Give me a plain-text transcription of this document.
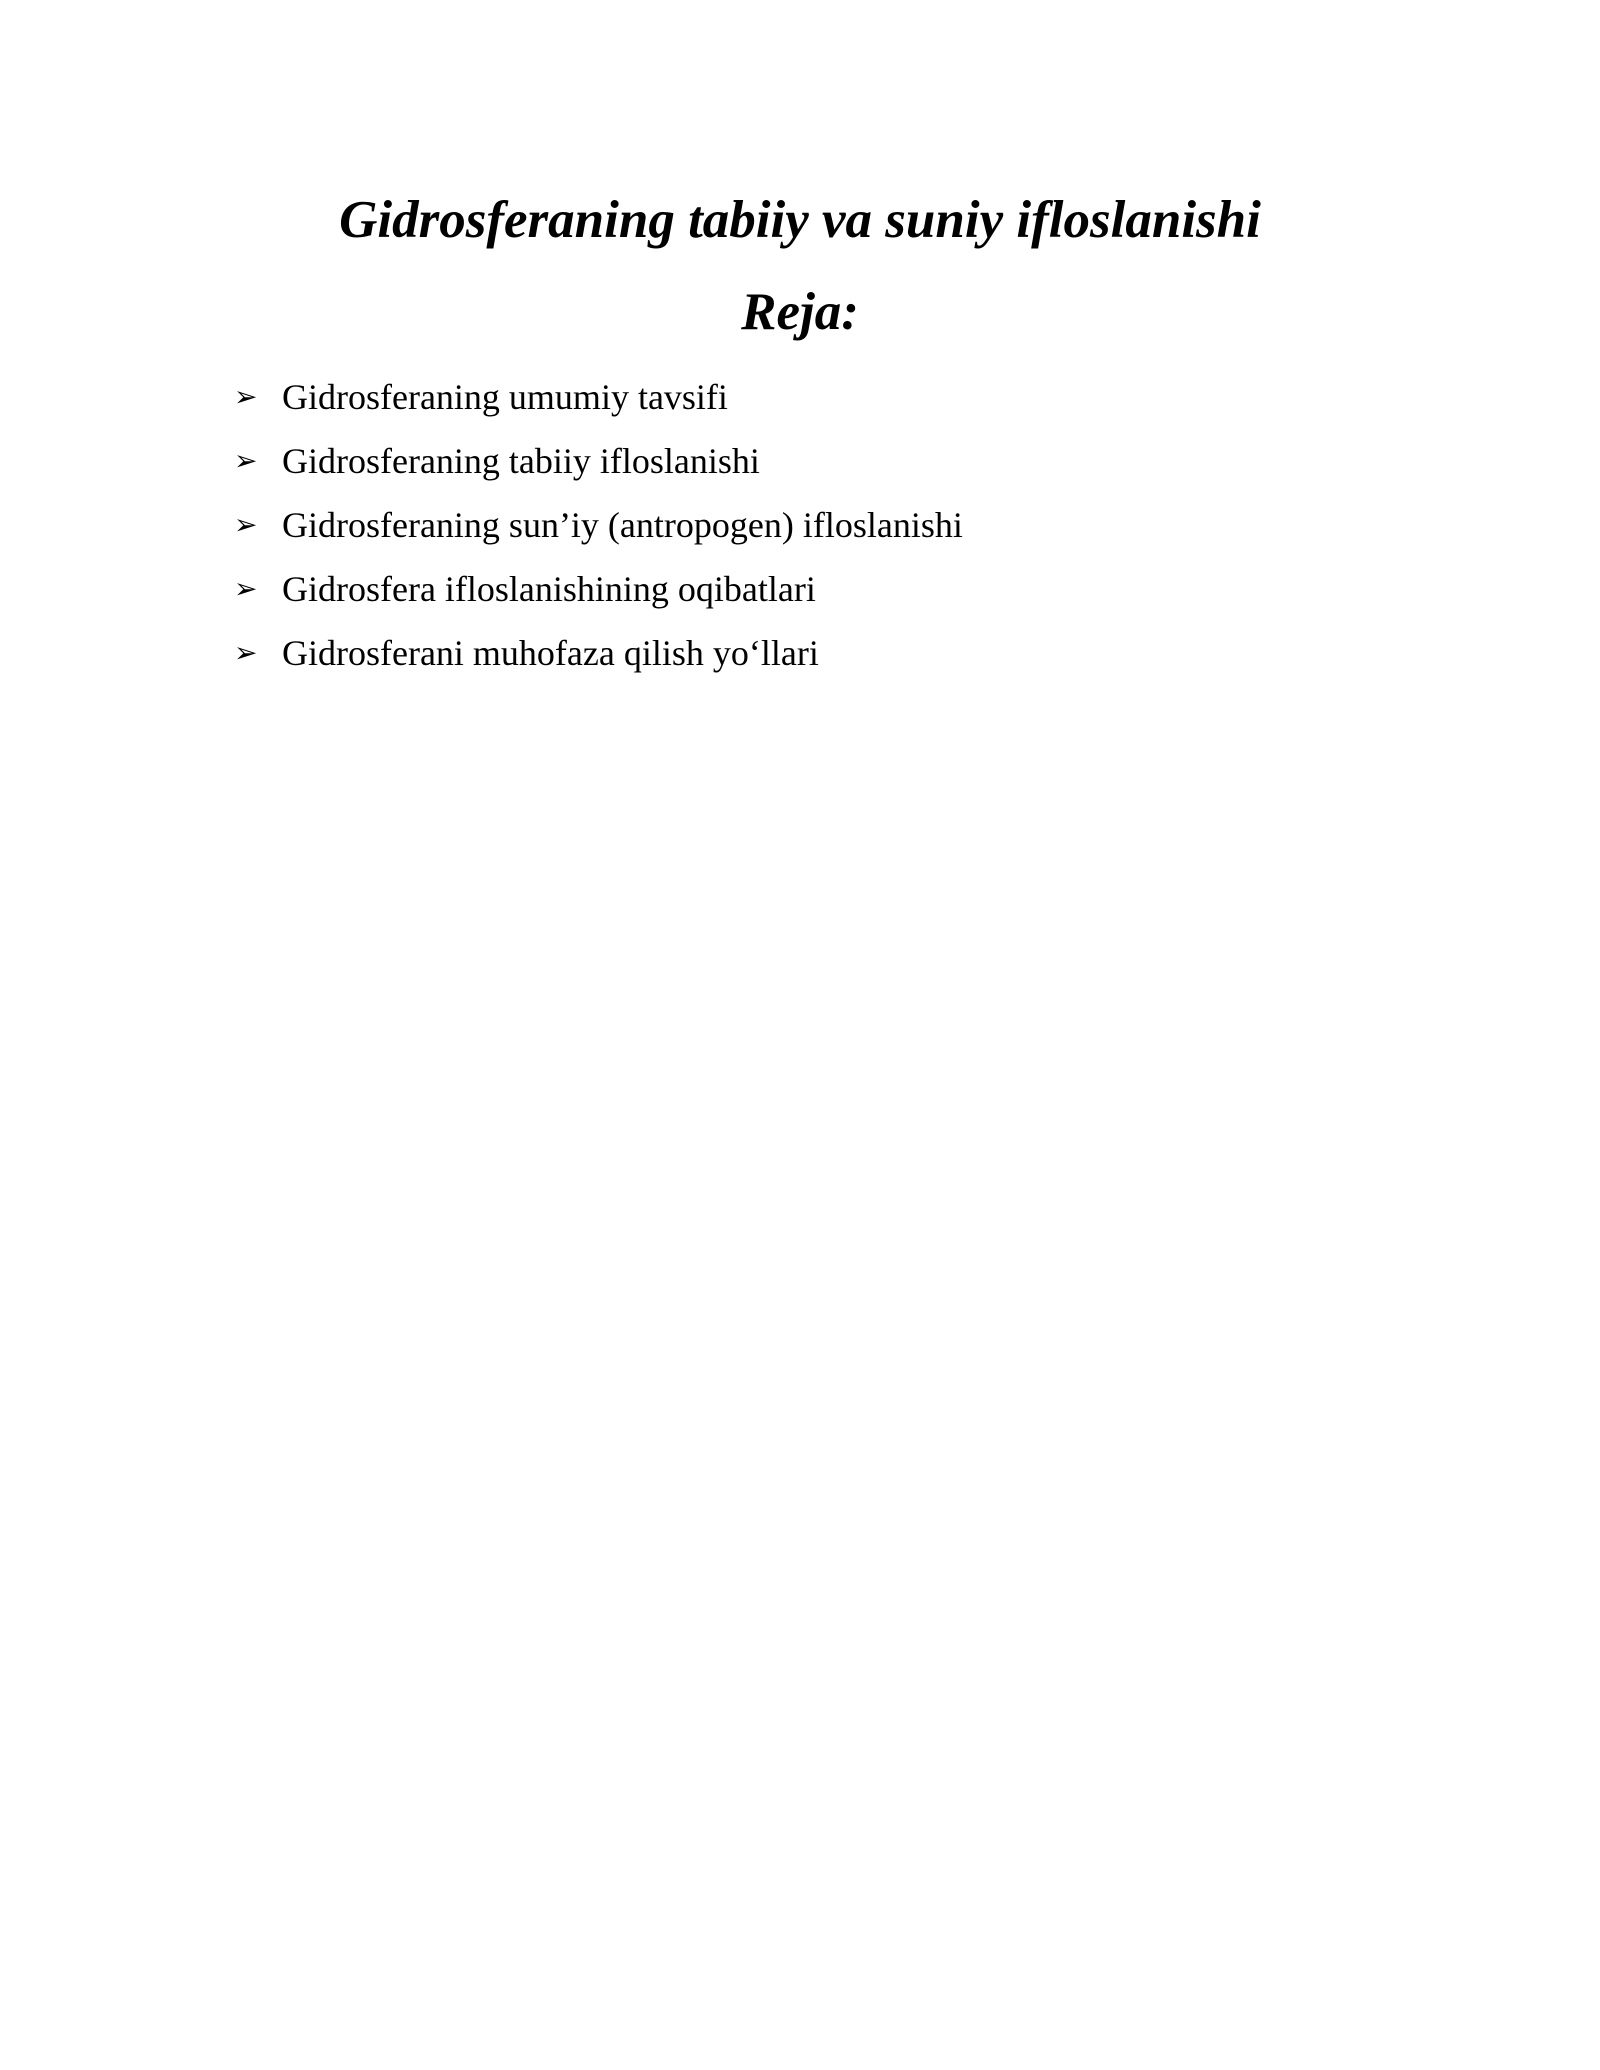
Gidrosferaning tabiiy va suniy ifloslanishi
Reja:
➢ Gidrosferaning umumiy tavsifi
➢ Gidrosferaning tabiiy ifloslanishi
➢ Gidrosferaning sun’iy (antropogen) ifloslanishi
➢ Gidrosfera ifloslanishining oqibatlari
➢ Gidrosferani muhofaza qilish yo‘llari
